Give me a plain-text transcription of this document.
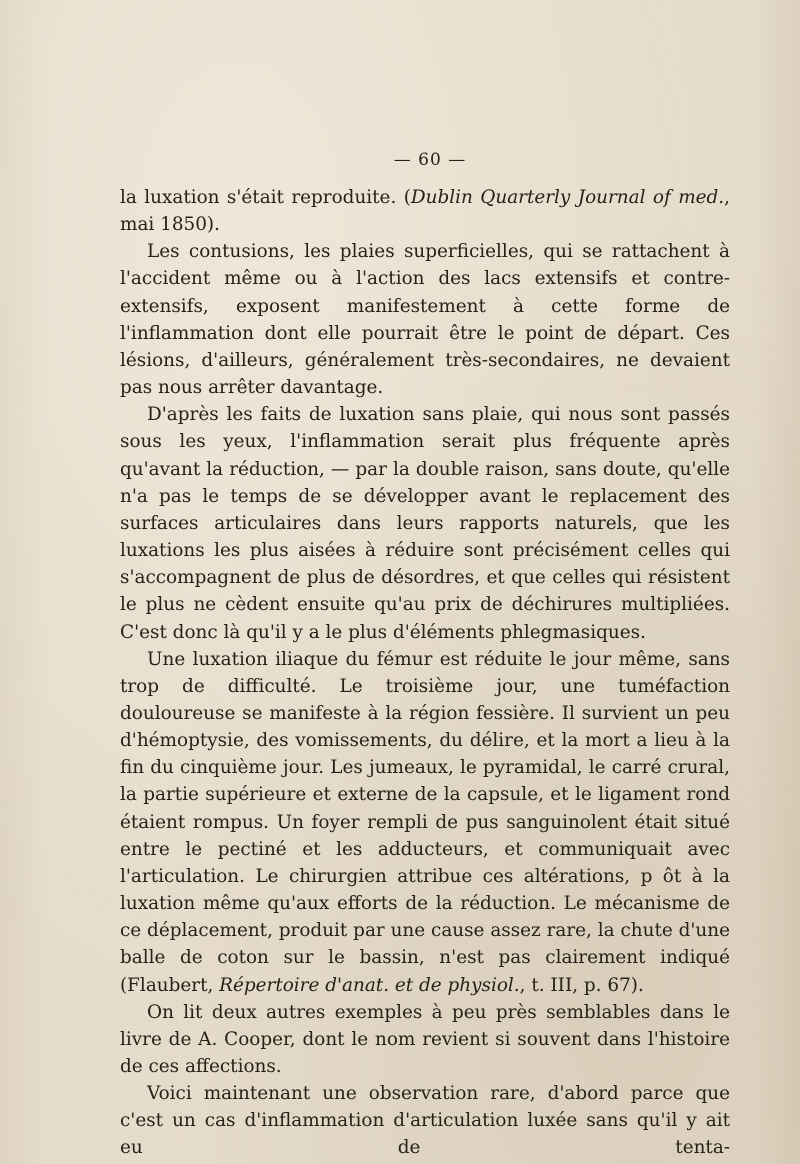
— 60 —

la luxation s'était reproduite. (Dublin Quarterly Journal of med., mai 1850).

Les contusions, les plaies superficielles, qui se rattachent à l'accident même ou à l'action des lacs extensifs et contre-extensifs, exposent manifestement à cette forme de l'inflammation dont elle pourrait être le point de départ. Ces lésions, d'ailleurs, généralement très-secondaires, ne devaient pas nous arrêter davantage.

D'après les faits de luxation sans plaie, qui nous sont passés sous les yeux, l'inflammation serait plus fréquente après qu'avant la réduction, — par la double raison, sans doute, qu'elle n'a pas le temps de se développer avant le replacement des surfaces articulaires dans leurs rapports naturels, que les luxations les plus aisées à réduire sont précisément celles qui s'accompagnent de plus de désordres, et que celles qui résistent le plus ne cèdent ensuite qu'au prix de déchirures multipliées. C'est donc là qu'il y a le plus d'éléments phlegmasiques.

Une luxation iliaque du fémur est réduite le jour même, sans trop de difficulté. Le troisième jour, une tuméfaction douloureuse se manifeste à la région fessière. Il survient un peu d'hémoptysie, des vomissements, du délire, et la mort a lieu à la fin du cinquième jour. Les jumeaux, le pyramidal, le carré crural, la partie supérieure et externe de la capsule, et le ligament rond étaient rompus. Un foyer rempli de pus sanguinolent était situé entre le pectiné et les adducteurs, et communiquait avec l'articulation. Le chirurgien attribue ces altérations, p ôt à la luxation même qu'aux efforts de la réduction. Le mécanisme de ce déplacement, produit par une cause assez rare, la chute d'une balle de coton sur le bassin, n'est pas clairement indiqué (Flaubert, Répertoire d'anat. et de physiol., t. III, p. 67).

On lit deux autres exemples à peu près semblables dans le livre de A. Cooper, dont le nom revient si souvent dans l'histoire de ces affections.

Voici maintenant une observation rare, d'abord parce que c'est un cas d'inflammation d'articulation luxée sans qu'il y ait eu de tenta-
